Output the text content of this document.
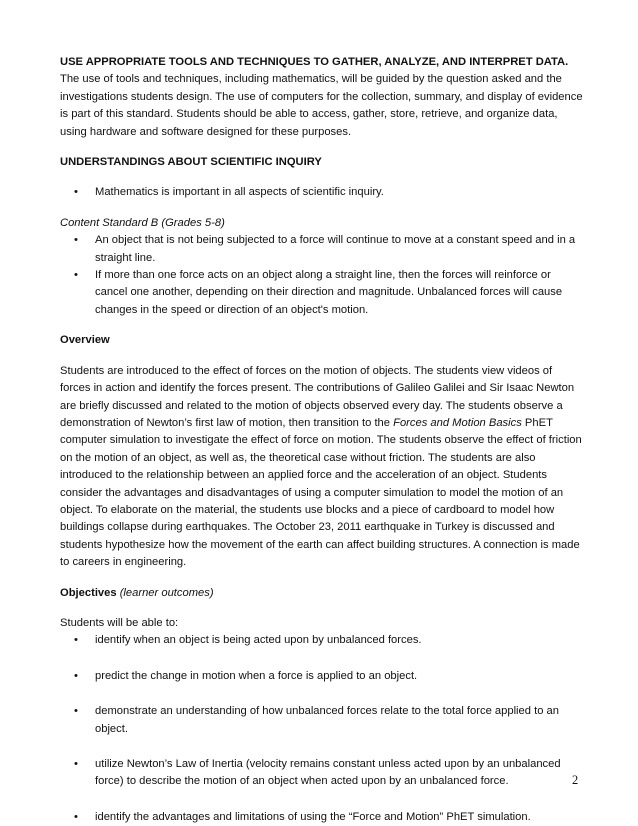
USE APPROPRIATE TOOLS AND TECHNIQUES TO GATHER, ANALYZE, AND INTERPRET DATA. The use of tools and techniques, including mathematics, will be guided by the question asked and the investigations students design. The use of computers for the collection, summary, and display of evidence is part of this standard. Students should be able to access, gather, store, retrieve, and organize data, using hardware and software designed for these purposes.

UNDERSTANDINGS ABOUT SCIENTIFIC INQUIRY

• Mathematics is important in all aspects of scientific inquiry.

Content Standard B (Grades 5-8)

• An object that is not being subjected to a force will continue to move at a constant speed and in a straight line.
• If more than one force acts on an object along a straight line, then the forces will reinforce or cancel one another, depending on their direction and magnitude. Unbalanced forces will cause changes in the speed or direction of an object's motion.

Overview

Students are introduced to the effect of forces on the motion of objects. The students view videos of forces in action and identify the forces present. The contributions of Galileo Galilei and Sir Isaac Newton are briefly discussed and related to the motion of objects observed every day. The students observe a demonstration of Newton’s first law of motion, then transition to the Forces and Motion Basics PhET computer simulation to investigate the effect of force on motion. The students observe the effect of friction on the motion of an object, as well as, the theoretical case without friction. The students are also introduced to the relationship between an applied force and the acceleration of an object. Students consider the advantages and disadvantages of using a computer simulation to model the motion of an object. To elaborate on the material, the students use blocks and a piece of cardboard to model how buildings collapse during earthquakes. The October 23, 2011 earthquake in Turkey is discussed and students hypothesize how the movement of the earth can affect building structures. A connection is made to careers in engineering.

Objectives (learner outcomes)

Students will be able to:

• identify when an object is being acted upon by unbalanced forces.
• predict the change in motion when a force is applied to an object.
• demonstrate an understanding of how unbalanced forces relate to the total force applied to an object.
• utilize Newton’s Law of Inertia (velocity remains constant unless acted upon by an unbalanced force) to describe the motion of an object when acted upon by an unbalanced force.
• identify the advantages and limitations of using the “Force and Motion” PhET simulation.
2
